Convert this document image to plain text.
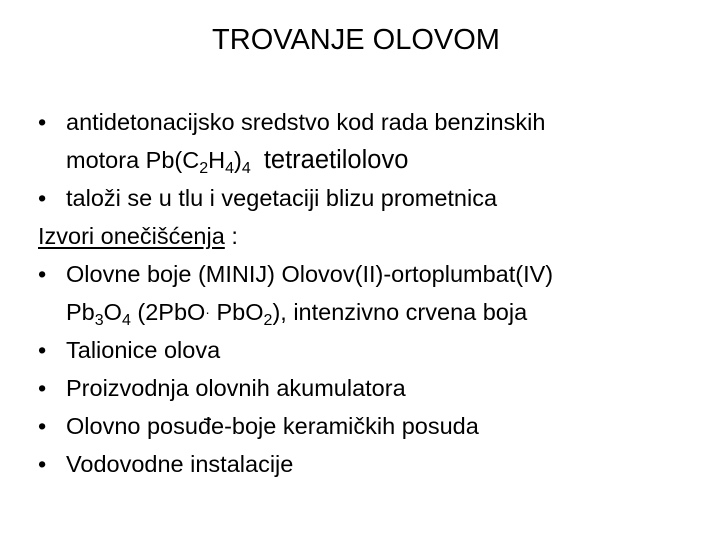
TROVANJE OLOVOM
• antidetonacijsko sredstvo kod rada benzinskih
motora $Pb(C_2H_4)_4$ tetraetilolovo
• taloži se u tlu i vegetaciji blizu prometnica
Izvori onečišćenja :
• Olovne boje (MINIJ) Olovov(II)-ortoplumbat(IV)
$Pb_3O_4$ (2PbO· PbO$_2$), intenzivno crvena boja
• Talionice olova
• Proizvodnja olovnih akumulatora
• Olovno posuđe-boje keramičkih posuda
• Vodovodne instalacije
